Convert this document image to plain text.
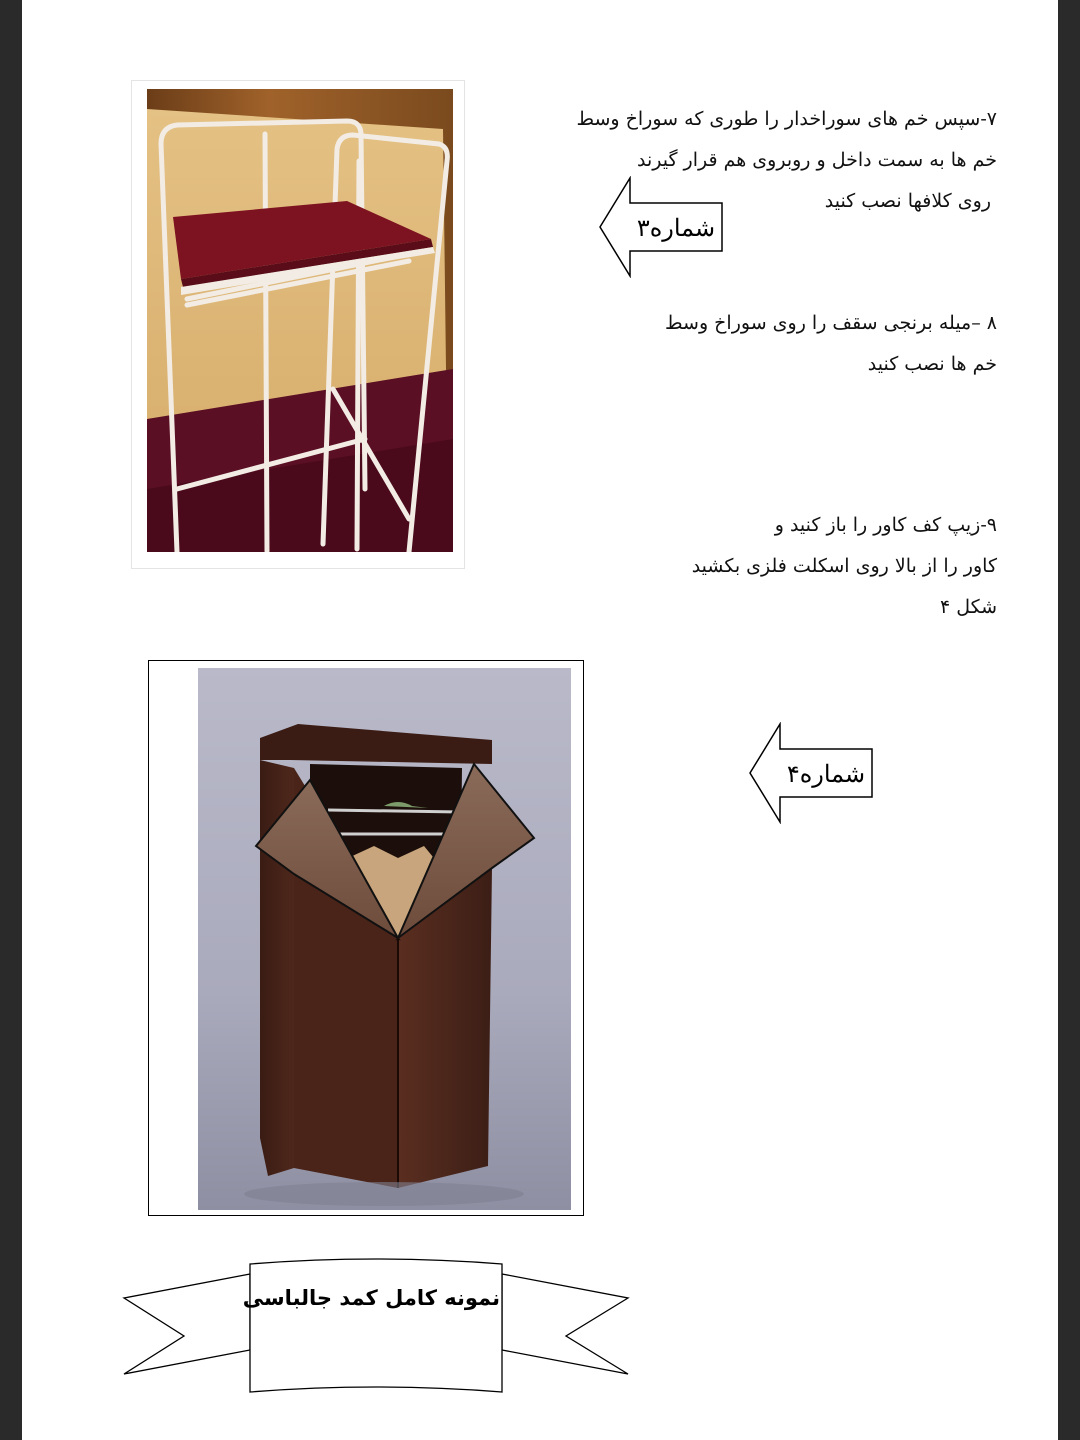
۷-سپس خم های سوراخدار را طوری که سوراخ وسط

خم ها به سمت داخل و روبروی هم قرار گیرند

روی کلافها نصب کنید

شماره۳

۸ –میله برنجی سقف را روی سوراخ وسط

خم ها نصب کنید

۹-زیپ کف کاور را باز کنید و

کاور را از بالا روی اسکلت فلزی بکشید

شکل ۴

شماره۴
نمونه کامل کمد جالباسی
